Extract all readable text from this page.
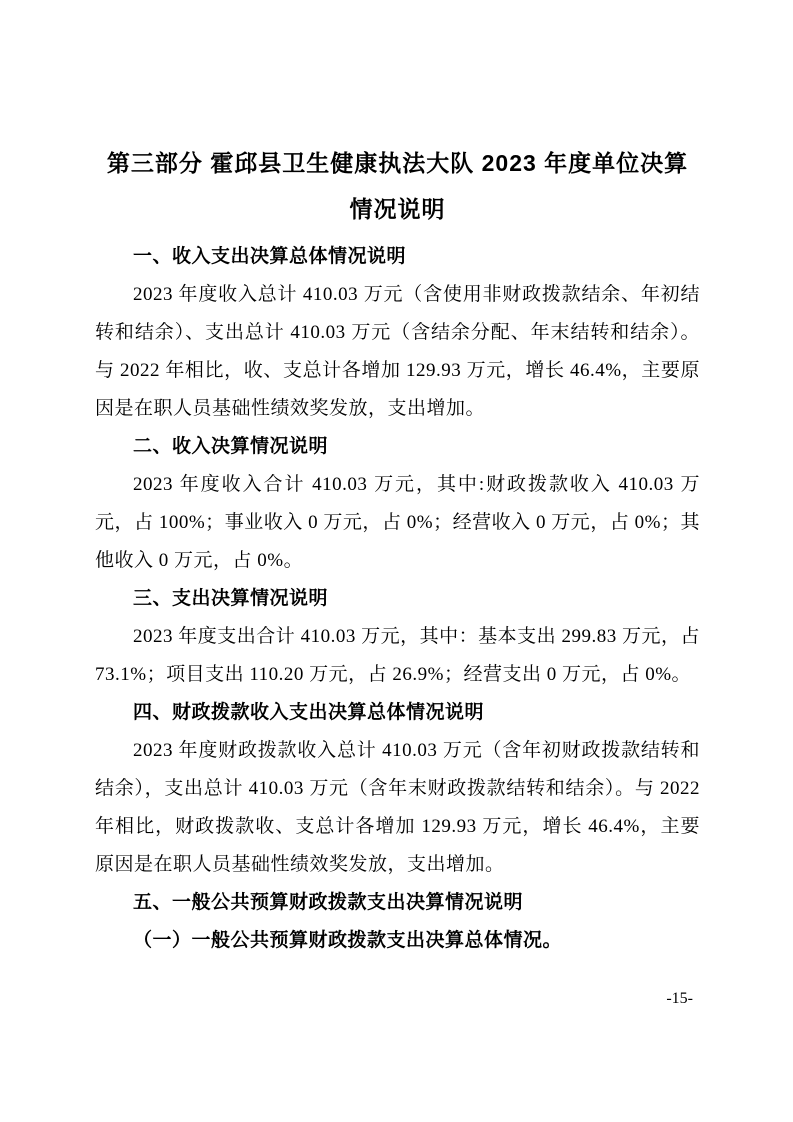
第三部分 霍邱县卫生健康执法大队 2023 年度单位决算情况说明

一、收入支出决算总体情况说明

2023 年度收入总计 410.03 万元（含使用非财政拨款结余、年初结转和结余）、支出总计 410.03 万元（含结余分配、年末结转和结余）。与 2022 年相比，收、支总计各增加 129.93 万元，增长 46.4%，主要原因是在职人员基础性绩效奖发放，支出增加。

二、收入决算情况说明

2023 年度收入合计 410.03 万元，其中:财政拨款收入 410.03 万元，占 100%；事业收入 0 万元，占 0%；经营收入 0 万元，占 0%；其他收入 0 万元，占 0%。

三、支出决算情况说明

2023 年度支出合计 410.03 万元，其中：基本支出 299.83 万元，占 73.1%；项目支出 110.20 万元，占 26.9%；经营支出 0 万元，占 0%。

四、财政拨款收入支出决算总体情况说明

2023 年度财政拨款收入总计 410.03 万元（含年初财政拨款结转和结余），支出总计 410.03 万元（含年末财政拨款结转和结余）。与 2022 年相比，财政拨款收、支总计各增加 129.93 万元，增长 46.4%，主要原因是在职人员基础性绩效奖发放，支出增加。

五、一般公共预算财政拨款支出决算情况说明

（一）一般公共预算财政拨款支出决算总体情况。

-15-
